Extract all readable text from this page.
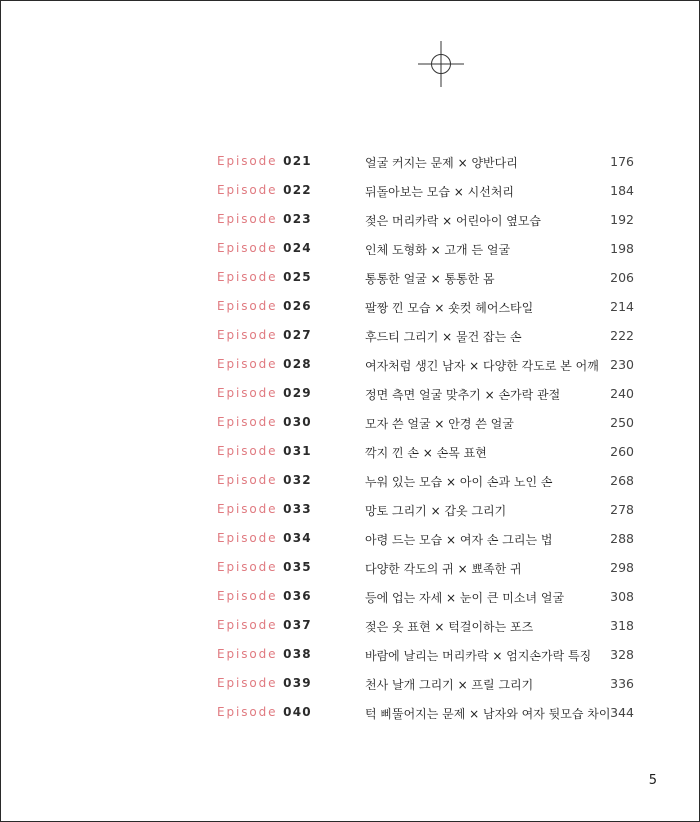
Episode 021	얼굴 커지는 문제 × 양반다리	176
Episode 022	뒤돌아보는 모습 × 시선처리	184
Episode 023	젖은 머리카락 × 어린아이 옆모습	192
Episode 024	인체 도형화 × 고개 든 얼굴	198
Episode 025	통통한 얼굴 × 통통한 몸	206
Episode 026	팔짱 낀 모습 × 숏컷 헤어스타일	214
Episode 027	후드티 그리기 × 물건 잡는 손	222
Episode 028	여자처럼 생긴 남자 × 다양한 각도로 본 어깨 230
Episode 029	정면 측면 얼굴 맞추기 × 손가락 관절	240
Episode 030	모자 쓴 얼굴 × 안경 쓴 얼굴	250
Episode 031	깍지 낀 손 × 손목 표현	260
Episode 032	누워 있는 모습 × 아이 손과 노인 손	268
Episode 033	망토 그리기 × 갑옷 그리기	278
Episode 034	아령 드는 모습 × 여자 손 그리는 법	288
Episode 035	다양한 각도의 귀 × 뾰족한 귀	298
Episode 036	등에 업는 자세 × 눈이 큰 미소녀 얼굴	308
Episode 037	젖은 옷 표현 × 턱걸이하는 포즈	318
Episode 038	바람에 날리는 머리카락 × 엄지손가락 특징 328
Episode 039	천사 날개 그리기 × 프릴 그리기	336
Episode 040	턱 삐뚤어지는 문제 × 남자와 여자 뒷모습 차이 344
5
